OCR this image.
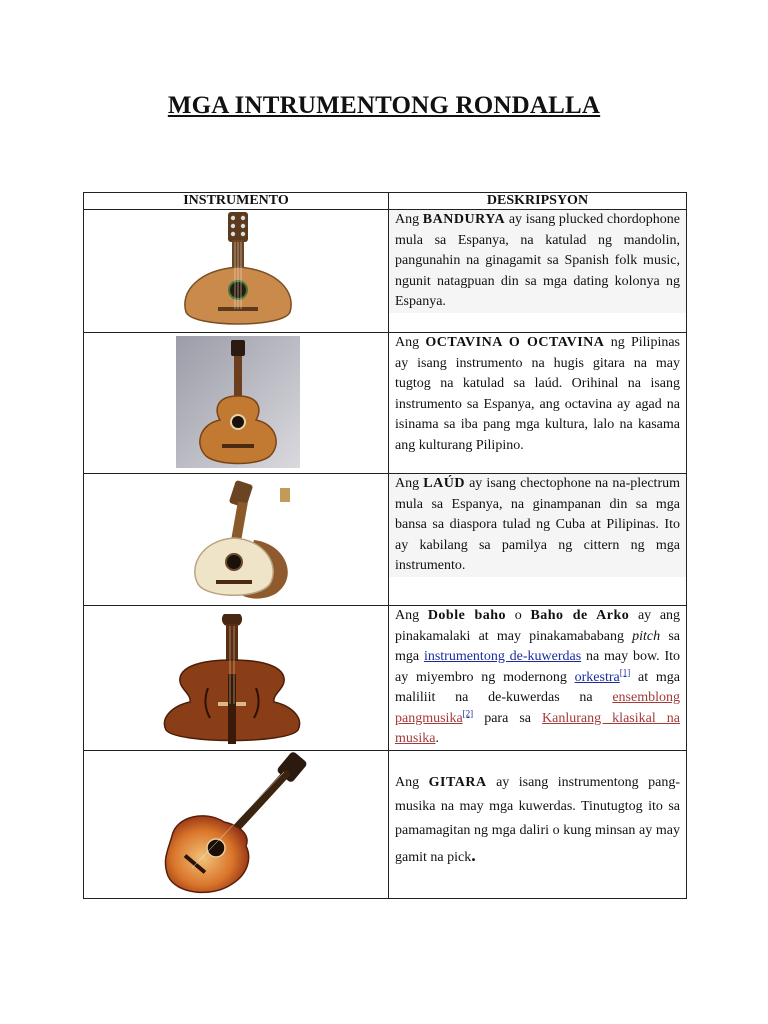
MGA INTRUMENTONG RONDALLA
INSTRUMENTO	DESKRIPSYON

Ang BANDURYA ay isang plucked chordophone mula sa Espanya, na katulad ng mandolin, pangunahin na ginagamit sa Spanish folk music, ngunit natagpuan din sa mga dating kolonya ng Espanya.

Ang OCTAVINA O OCTAVINA ng Pilipinas ay isang instrumento na hugis gitara na may tugtog na katulad sa laúd. Orihinal na isang instrumento sa Espanya, ang octavina ay agad na isinama sa iba pang mga kultura, lalo na kasama ang kulturang Pilipino.

Ang LAÚD ay isang chectophone na na-plectrum mula sa Espanya, na ginampanan din sa mga bansa sa diaspora tulad ng Cuba at Pilipinas. Ito ay kabilang sa pamilya ng cittern ng mga instrumento.

Ang Doble baho o Baho de Arko ay ang pinakamalaki at may pinakamababang pitch sa mga instrumentong de-kuwerdas na may bow. Ito ay miyembro ng modernong orkestra[1] at mga maliliit na de-kuwerdas na ensemblong pangmusika[2] para sa Kanlurang klasikal na musika.

Ang GITARA ay isang instrumentong pang-musika na may mga kuwerdas. Tinutugtog ito sa pamamagitan ng mga daliri o kung minsan ay may gamit na pick.
